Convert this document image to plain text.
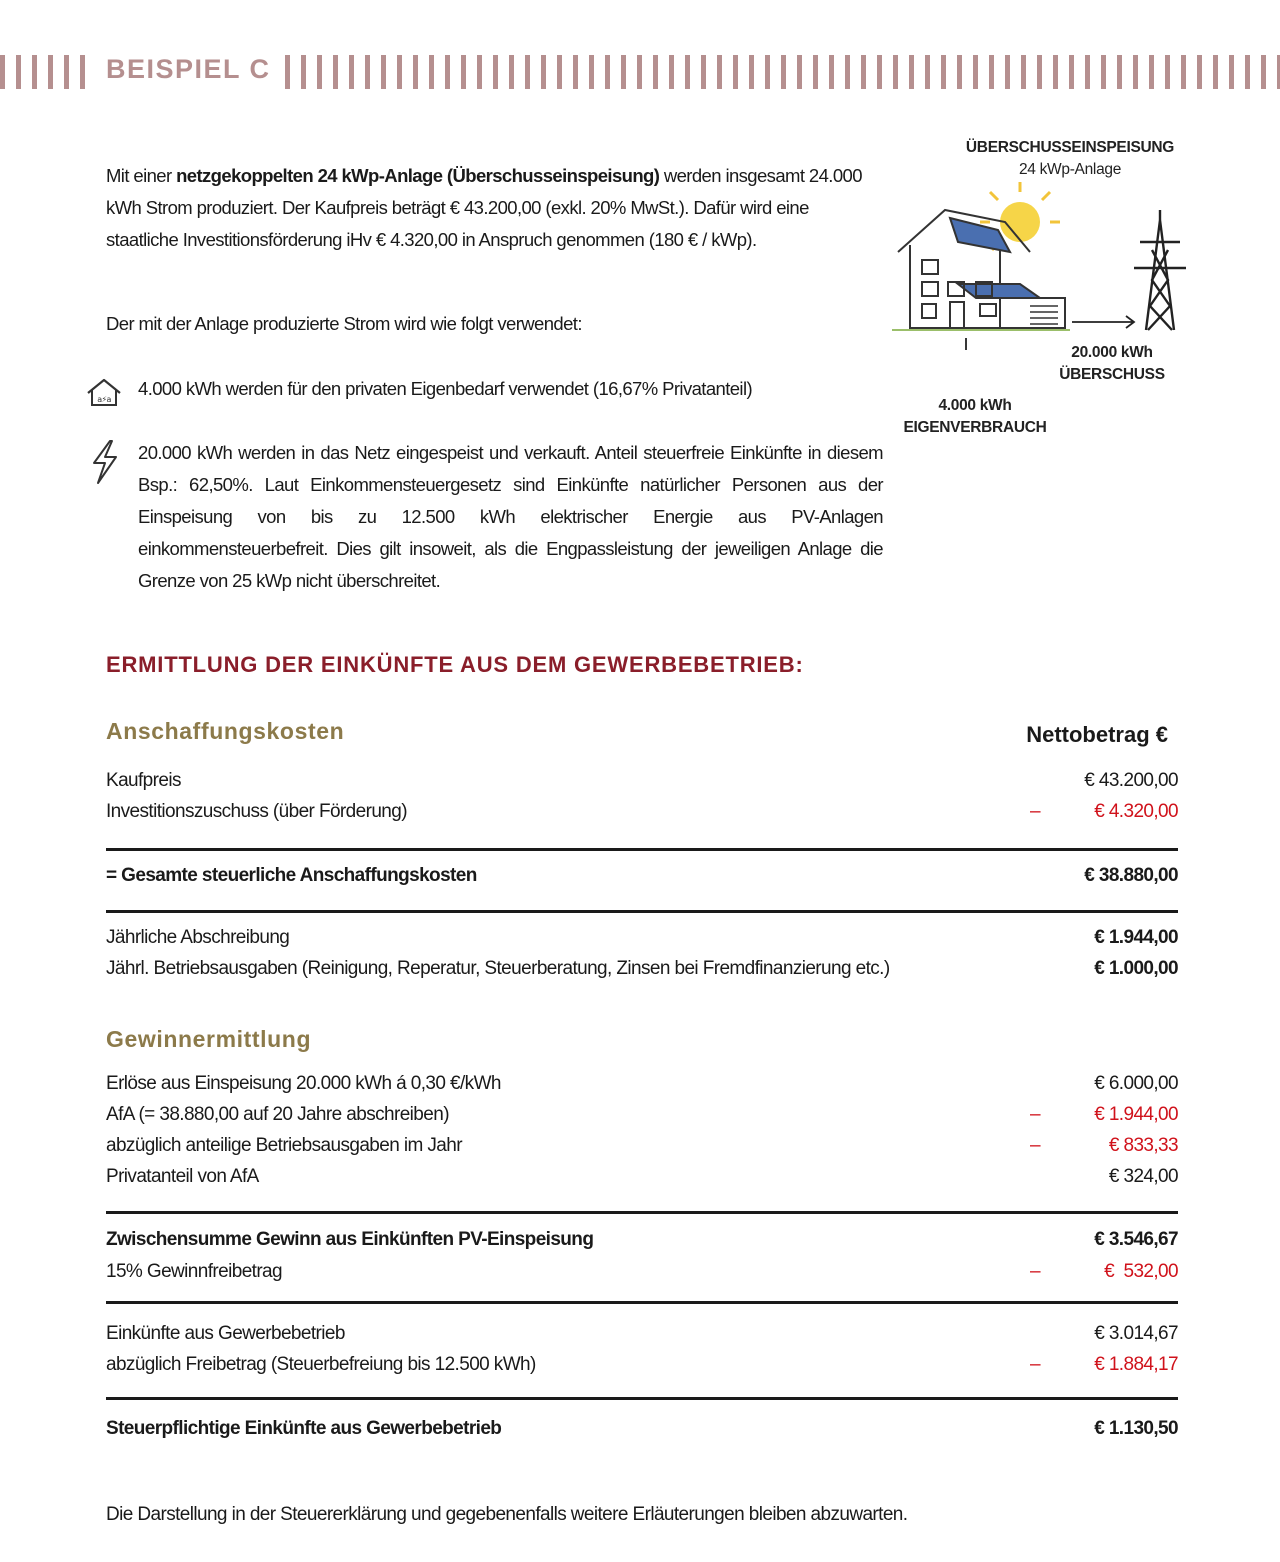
BEISPIEL C
Mit einer netzgekoppelten 24 kWp-Anlage (Überschusseinspeisung) werden insgesamt 24.000 kWh Strom produziert. Der Kaufpreis beträgt € 43.200,00 (exkl. 20% MwSt.). Dafür wird eine staatliche Investitionsförderung iHv € 4.320,00 in Anspruch genommen (180 € / kWp).
Der mit der Anlage produzierte Strom wird wie folgt verwendet:
a⚡a
4.000 kWh werden für den privaten Eigenbedarf verwendet (16,67% Privatanteil)
20.000 kWh werden in das Netz eingespeist und verkauft. Anteil steuerfreie Einkünfte in diesem Bsp.: 62,50%. Laut Einkommensteuergesetz sind Einkünfte natürlicher Personen aus der Einspeisung von bis zu 12.500 kWh elektrischer Energie aus PV-Anlagen einkommensteuerbefreit. Dies gilt insoweit, als die Engpassleistung der jeweiligen Anlage die Grenze von 25 kWp nicht überschreitet.
ÜBERSCHUSSEINSPEISUNG
24 kWp-Anlage
20.000 kWh
ÜBERSCHUSS
4.000 kWh
EIGENVERBRAUCH
ERMITTLUNG DER EINKÜNFTE AUS DEM GEWERBEBETRIEB:
Anschaffungskosten	Nettobetrag €
Kaufpreis	€ 43.200,00
Investitionszuschuss (über Förderung)	–	€ 4.320,00
= Gesamte steuerliche Anschaffungskosten	€ 38.880,00
Jährliche Abschreibung	€ 1.944,00
Jährl. Betriebsausgaben (Reinigung, Reperatur, Steuerberatung, Zinsen bei Fremdfinanzierung etc.)	€ 1.000,00
Gewinnermittlung
Erlöse aus Einspeisung 20.000 kWh á 0,30 €/kWh	€ 6.000,00
AfA (= 38.880,00 auf 20 Jahre abschreiben)	–	€ 1.944,00
abzüglich anteilige Betriebsausgaben im Jahr	–	€ 833,33
Privatanteil von AfA	€ 324,00
Zwischensumme Gewinn aus Einkünften PV-Einspeisung	€ 3.546,67
15% Gewinnfreibetrag	–	€  532,00
Einkünfte aus Gewerbebetrieb	€ 3.014,67
abzüglich Freibetrag (Steuerbefreiung bis 12.500 kWh)	–	€ 1.884,17
Steuerpflichtige Einkünfte aus Gewerbebetrieb	€ 1.130,50
Die Darstellung in der Steuererklärung und gegebenenfalls weitere Erläuterungen bleiben abzuwarten.
